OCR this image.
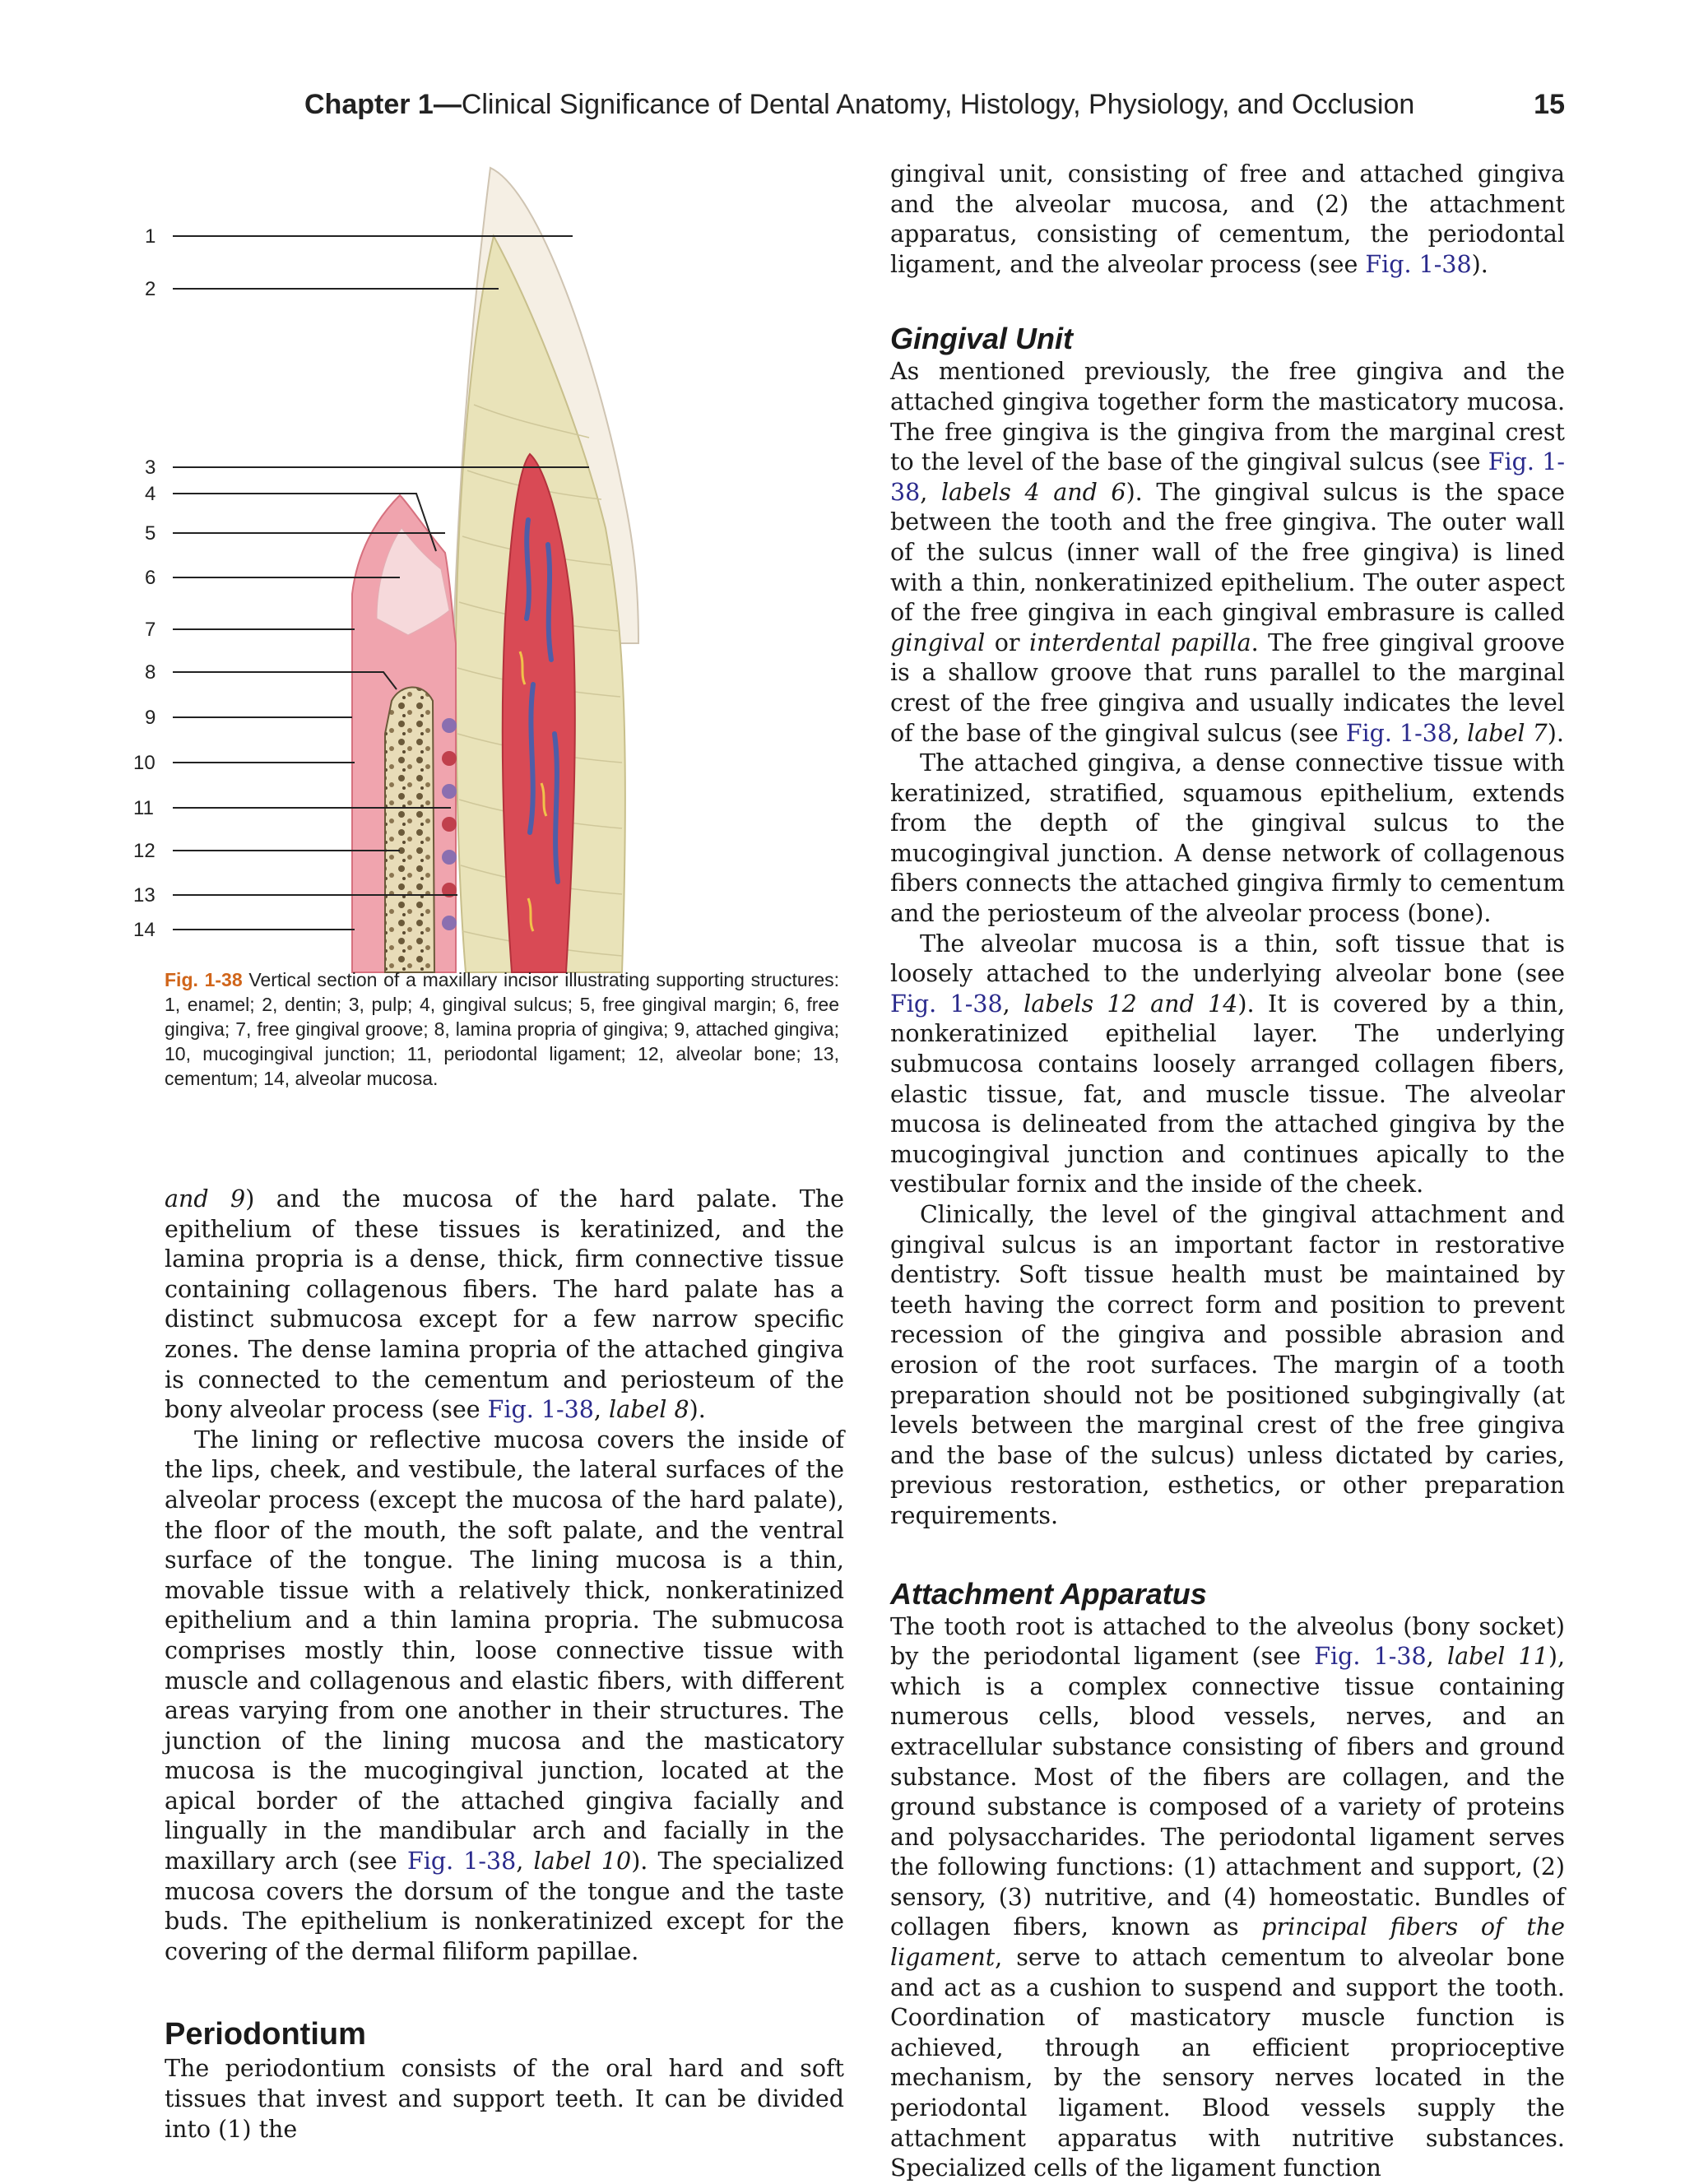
Chapter 1—Clinical Significance of Dental Anatomy, Histology, Physiology, and Occlusion	15
1
2
3
4
5
6
7
8
9
10
11
12
13
14
Fig. 1-38 Vertical section of a maxillary incisor illustrating supporting structures: 1, enamel; 2, dentin; 3, pulp; 4, gingival sulcus; 5, free gingival margin; 6, free gingiva; 7, free gingival groove; 8, lamina propria of gingiva; 9, attached gingiva; 10, mucogingival junction; 11, periodontal ligament; 12, alveolar bone; 13, cementum; 14, alveolar mucosa.

and 9) and the mucosa of the hard palate. The epithelium of these tissues is keratinized, and the lamina propria is a dense, thick, firm connective tissue containing collagenous fibers. The hard palate has a distinct submucosa except for a few narrow specific zones. The dense lamina propria of the attached gingiva is connected to the cementum and periosteum of the bony alveolar process (see Fig. 1-38, label 8).

The lining or reflective mucosa covers the inside of the lips, cheek, and vestibule, the lateral surfaces of the alveolar process (except the mucosa of the hard palate), the floor of the mouth, the soft palate, and the ventral surface of the tongue. The lining mucosa is a thin, movable tissue with a relatively thick, nonkeratinized epithelium and a thin lamina propria. The submucosa comprises mostly thin, loose connective tissue with muscle and collagenous and elastic fibers, with different areas varying from one another in their structures. The junction of the lining mucosa and the masticatory mucosa is the mucogingival junction, located at the apical border of the attached gingiva facially and lingually in the mandibular arch and facially in the maxillary arch (see Fig. 1-38, label 10). The specialized mucosa covers the dorsum of the tongue and the taste buds. The epithelium is nonkeratinized except for the covering of the dermal filiform papillae.

Periodontium

The periodontium consists of the oral hard and soft tissues that invest and support teeth. It can be divided into (1) the

gingival unit, consisting of free and attached gingiva and the alveolar mucosa, and (2) the attachment apparatus, consisting of cementum, the periodontal ligament, and the alveolar process (see Fig. 1-38).

Gingival Unit

As mentioned previously, the free gingiva and the attached gingiva together form the masticatory mucosa. The free gingiva is the gingiva from the marginal crest to the level of the base of the gingival sulcus (see Fig. 1-38, labels 4 and 6). The gingival sulcus is the space between the tooth and the free gingiva. The outer wall of the sulcus (inner wall of the free gingiva) is lined with a thin, nonkeratinized epithelium. The outer aspect of the free gingiva in each gingival embrasure is called gingival or interdental papilla. The free gingival groove is a shallow groove that runs parallel to the marginal crest of the free gingiva and usually indicates the level of the base of the gingival sulcus (see Fig. 1-38, label 7).

The attached gingiva, a dense connective tissue with keratinized, stratified, squamous epithelium, extends from the depth of the gingival sulcus to the mucogingival junction. A dense network of collagenous fibers connects the attached gingiva firmly to cementum and the periosteum of the alveolar process (bone).

The alveolar mucosa is a thin, soft tissue that is loosely attached to the underlying alveolar bone (see Fig. 1-38, labels 12 and 14). It is covered by a thin, nonkeratinized epithelial layer. The underlying submucosa contains loosely arranged collagen fibers, elastic tissue, fat, and muscle tissue. The alveolar mucosa is delineated from the attached gingiva by the mucogingival junction and continues apically to the vestibular fornix and the inside of the cheek.

Clinically, the level of the gingival attachment and gingival sulcus is an important factor in restorative dentistry. Soft tissue health must be maintained by teeth having the correct form and position to prevent recession of the gingiva and possible abrasion and erosion of the root surfaces. The margin of a tooth preparation should not be positioned subgingivally (at levels between the marginal crest of the free gingiva and the base of the sulcus) unless dictated by caries, previous restoration, esthetics, or other preparation requirements.

Attachment Apparatus

The tooth root is attached to the alveolus (bony socket) by the periodontal ligament (see Fig. 1-38, label 11), which is a complex connective tissue containing numerous cells, blood vessels, nerves, and an extracellular substance consisting of fibers and ground substance. Most of the fibers are collagen, and the ground substance is composed of a variety of proteins and polysaccharides. The periodontal ligament serves the following functions: (1) attachment and support, (2) sensory, (3) nutritive, and (4) homeostatic. Bundles of collagen fibers, known as principal fibers of the ligament, serve to attach cementum to alveolar bone and act as a cushion to suspend and support the tooth. Coordination of masticatory muscle function is achieved, through an efficient proprioceptive mechanism, by the sensory nerves located in the periodontal ligament. Blood vessels supply the attachment apparatus with nutritive substances. Specialized cells of the ligament function
